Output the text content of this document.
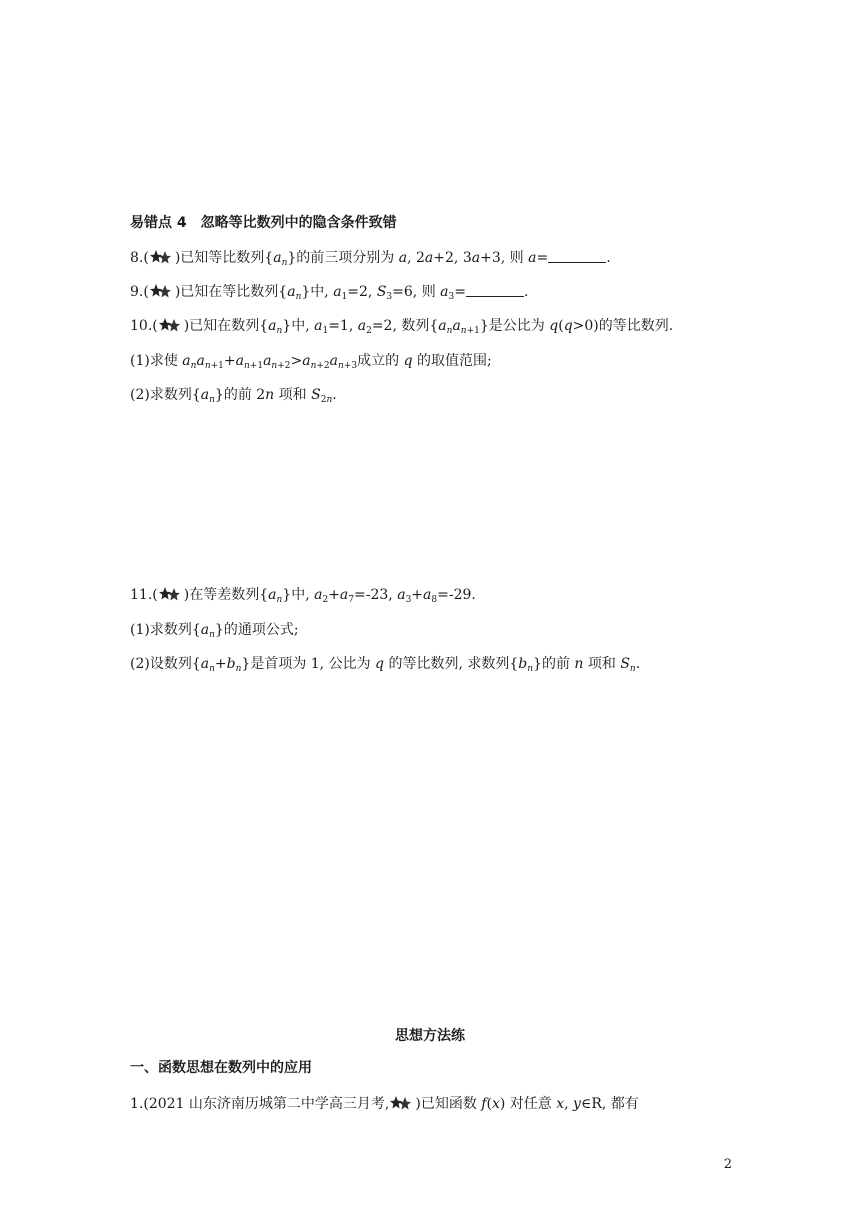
易错点 4　忽略等比数列中的隐含条件致错
8.( )已知等比数列$\{a_n\}$的前三项分别为 a, 2a+2, 3a+3, 则 a=	.
9.( )已知在等比数列$\{a_n\}$中, $a_1=2$, $S_3=6$, 则 $a_3=$	.
10.( )已知在数列$\{a_n\}$中, $a_1=1$, $a_2=2$, 数列$\{a_na_{n+1}\}$是公比为 q(q>0)的等比数列.
(1)求使 $a_na_{n+1}+a_{n+1}a_{n+2}>a_{n+2}a_{n+3}$成立的 q 的取值范围;
(2)求数列$\{a_n\}$的前 2n 项和 $S_{2n}$.
11.( )在等差数列$\{a_n\}$中, $a_2+a_7=-23$, $a_3+a_8=-29$.
(1)求数列$\{a_n\}$的通项公式;
(2)设数列$\{a_n+b_n\}$是首项为 1, 公比为 q 的等比数列, 求数列$\{b_n\}$的前 n 项和 $S_n$.
思想方法练
一、函数思想在数列中的应用
1.(2021 山东济南历城第二中学高三月考, )已知函数 f(x) 对任意 x, y∈R, 都有
2
